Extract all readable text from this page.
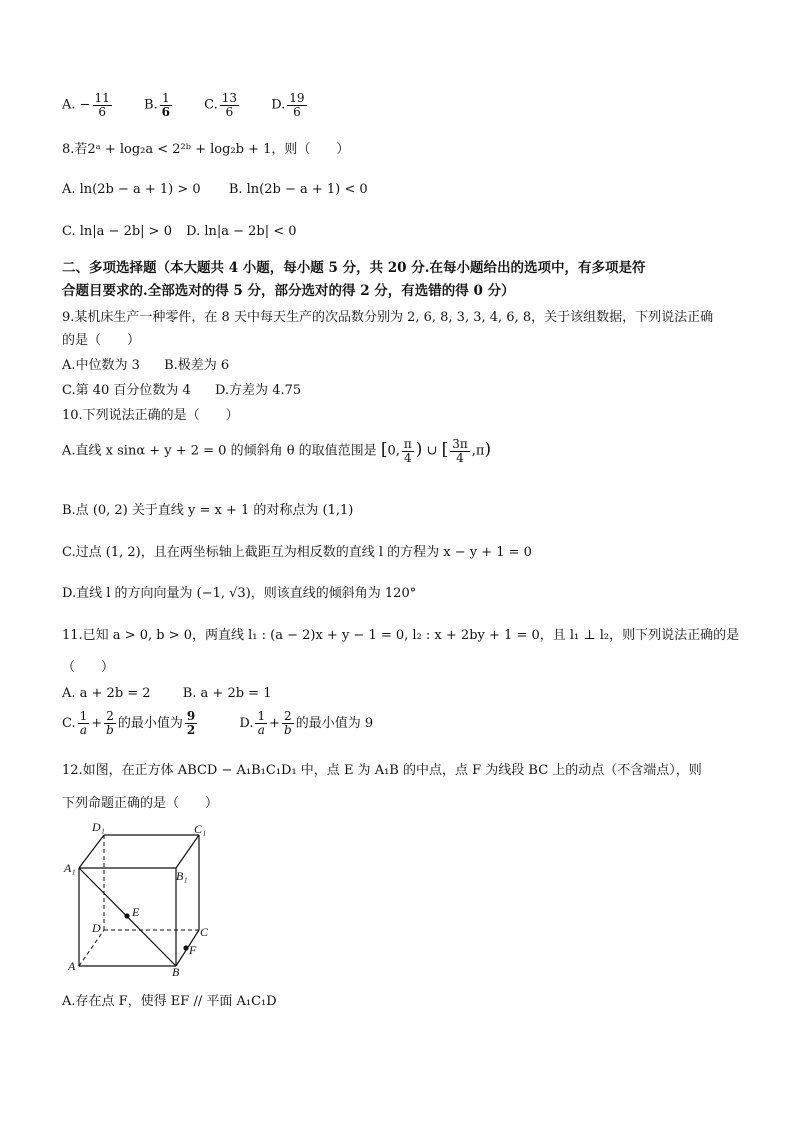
A. − $\frac{11}{6} B$. $\frac{1}{6} C$. $\frac{13}{6} D$. $\frac{19}{6}$
8.若2ᵃ + log₂a < 2²ᵇ + log₂b + 1，则（　　）
A. ln(2b − a + 1) > 0 B. ln(2b − a + 1) < 0
C. ln|a − 2b| > 0 D. ln|a − 2b| < 0
二、多项选择题（本大题共 4 小题，每小题 5 分，共 20 分.在每小题给出的选项中，有多项是符
合题目要求的.全部选对的得 5 分，部分选对的得 2 分，有选错的得 0 分）
9.某机床生产一种零件，在 8 天中每天生产的次品数分别为 2, 6, 8, 3, 3, 4, 6, 8，关于该组数据，下列说法正确
的是（　　）
A.中位数为 3 B.极差为 6
C.第 40 百分位数为 4 D.方差为 4.75
10.下列说法正确的是（　　）
A.直线 x sinα + y + 2 = 0 的倾斜角 θ 的取值范围是 [0, $\frac{\pi}{4}$ ) ∪ [ $\frac{3\pi}{4} ,\pi$)
B.点 (0, 2) 关于直线 y = x + 1 的对称点为 (1,1)
C.过点 (1, 2)，且在两坐标轴上截距互为相反数的直线 l 的方程为 x − y + 1 = 0
D.直线 l 的方向向量为 (−1, √3)，则该直线的倾斜角为 120°
11.已知 a > 0, b > 0，两直线 l₁ : (a − 2)x + y − 1 = 0, l₂ : x + 2by + 1 = 0，且 l₁ ⊥ l₂，则下列说法正确的是
（　　）
A. a + 2b = 2 B. a + 2b = 1
C. $\frac{1}{a} + \frac{2}{b}$ 的最小值为 $\frac{9}{2}$	D. $\frac{1}{a} + \frac{2}{b}$ 的最小值为 9
12.如图，在正方体 ABCD − A₁B₁C₁D₁ 中，点 E 为 A₁B 的中点，点 F 为线段 BC 上的动点（不含端点），则
下列命题正确的是（　　）
D₁	C₁
A₁
B₁
E
D	C
F
A	B
A.存在点 F，使得 EF // 平面 A₁C₁D
